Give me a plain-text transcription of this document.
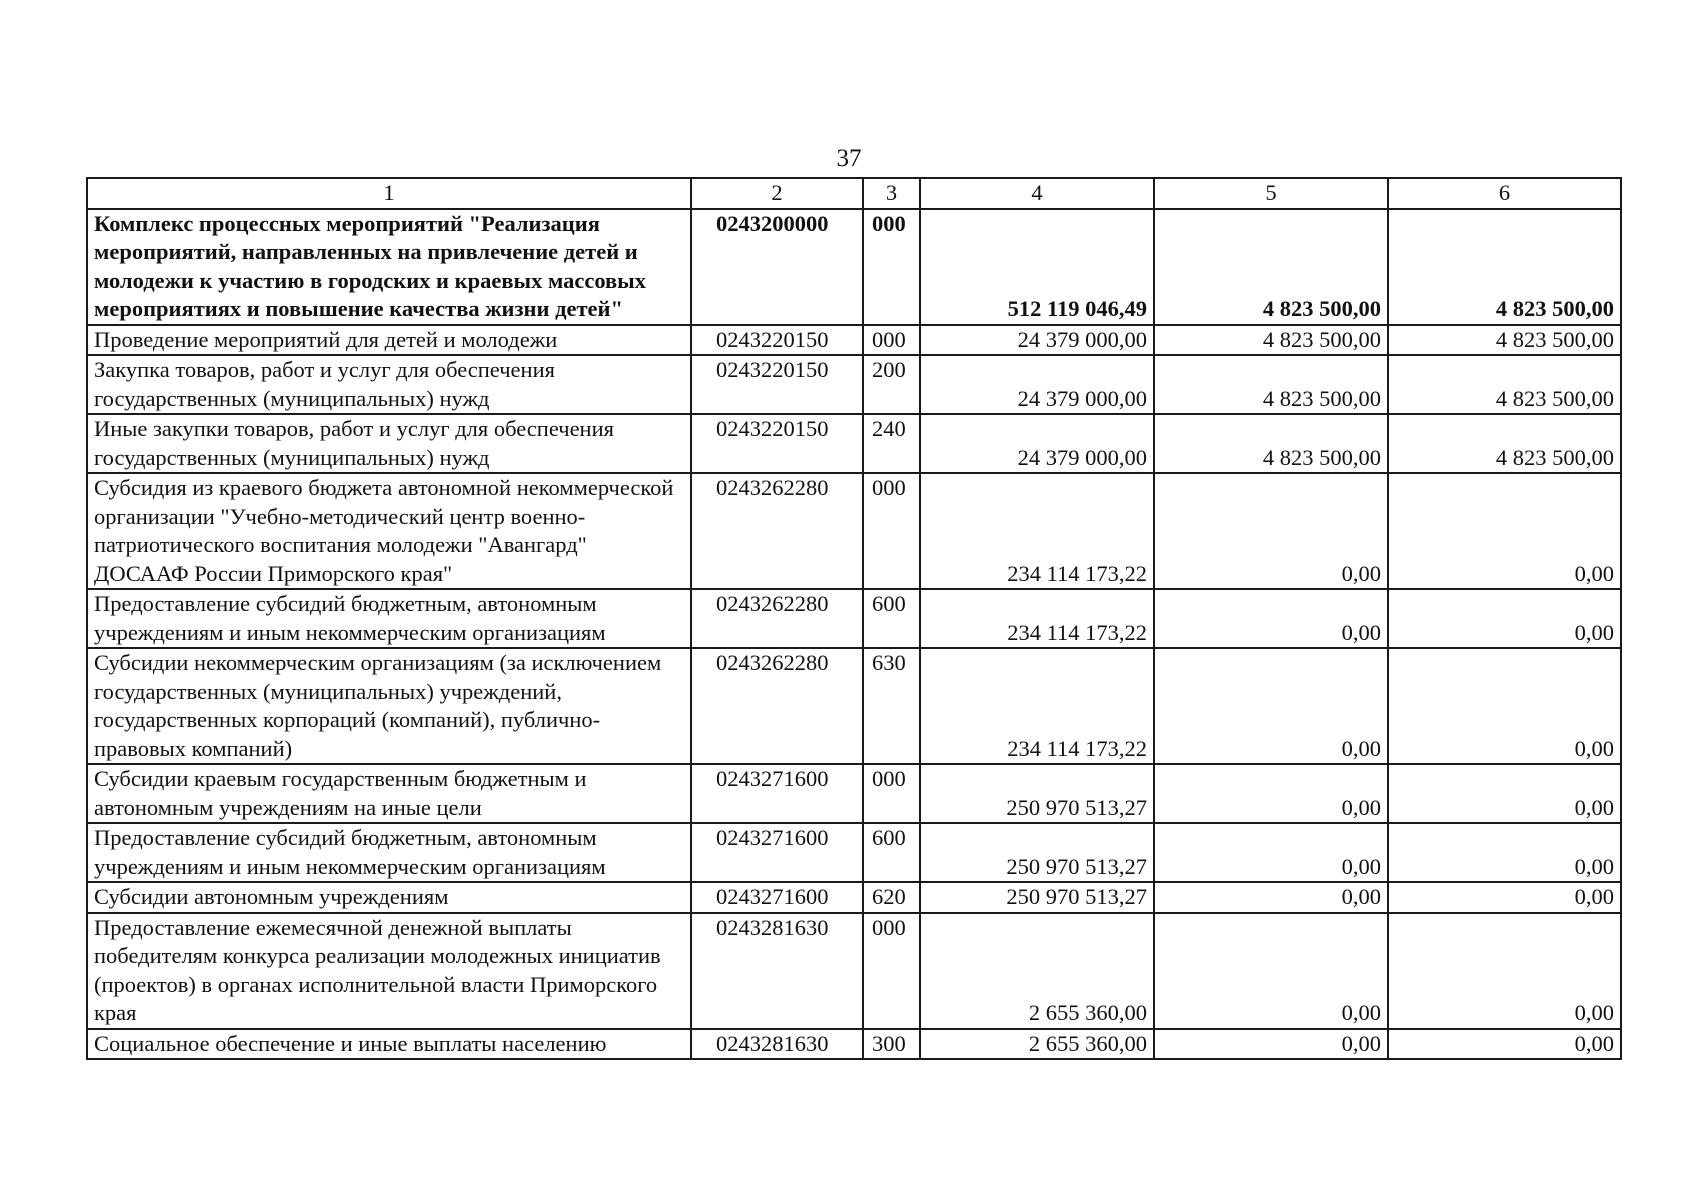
37
1	2	3	4	5	6
Комплекс процессных мероприятий "Реализация мероприятий, направленных на привлечение детей и молодежи к участию в городских и краевых массовых мероприятиях и повышение качества жизни детей"	0243200000	000	512 119 046,49	4 823 500,00	4 823 500,00
Проведение мероприятий для детей и молодежи	0243220150	000	24 379 000,00	4 823 500,00	4 823 500,00
Закупка товаров, работ и услуг для обеспечения государственных (муниципальных) нужд	0243220150	200	24 379 000,00	4 823 500,00	4 823 500,00
Иные закупки товаров, работ и услуг для обеспечения государственных (муниципальных) нужд	0243220150	240	24 379 000,00	4 823 500,00	4 823 500,00
Субсидия из краевого бюджета автономной некоммерческой организации "Учебно-методический центр военно-патриотического воспитания молодежи "Авангард" ДОСААФ России Приморского края"	0243262280	000	234 114 173,22	0,00	0,00
Предоставление субсидий бюджетным, автономным учреждениям и иным некоммерческим организациям	0243262280	600	234 114 173,22	0,00	0,00
Субсидии некоммерческим организациям (за исключением государственных (муниципальных) учреждений, государственных корпораций (компаний), публично-правовых компаний)	0243262280	630	234 114 173,22	0,00	0,00
Субсидии краевым государственным бюджетным и автономным учреждениям на иные цели	0243271600	000	250 970 513,27	0,00	0,00
Предоставление субсидий бюджетным, автономным учреждениям и иным некоммерческим организациям	0243271600	600	250 970 513,27	0,00	0,00
Субсидии автономным учреждениям	0243271600	620	250 970 513,27	0,00	0,00
Предоставление ежемесячной денежной выплаты победителям конкурса реализации молодежных инициатив (проектов) в органах исполнительной власти Приморского края	0243281630	000	2 655 360,00	0,00	0,00
Социальное обеспечение и иные выплаты населению	0243281630	300	2 655 360,00	0,00	0,00
